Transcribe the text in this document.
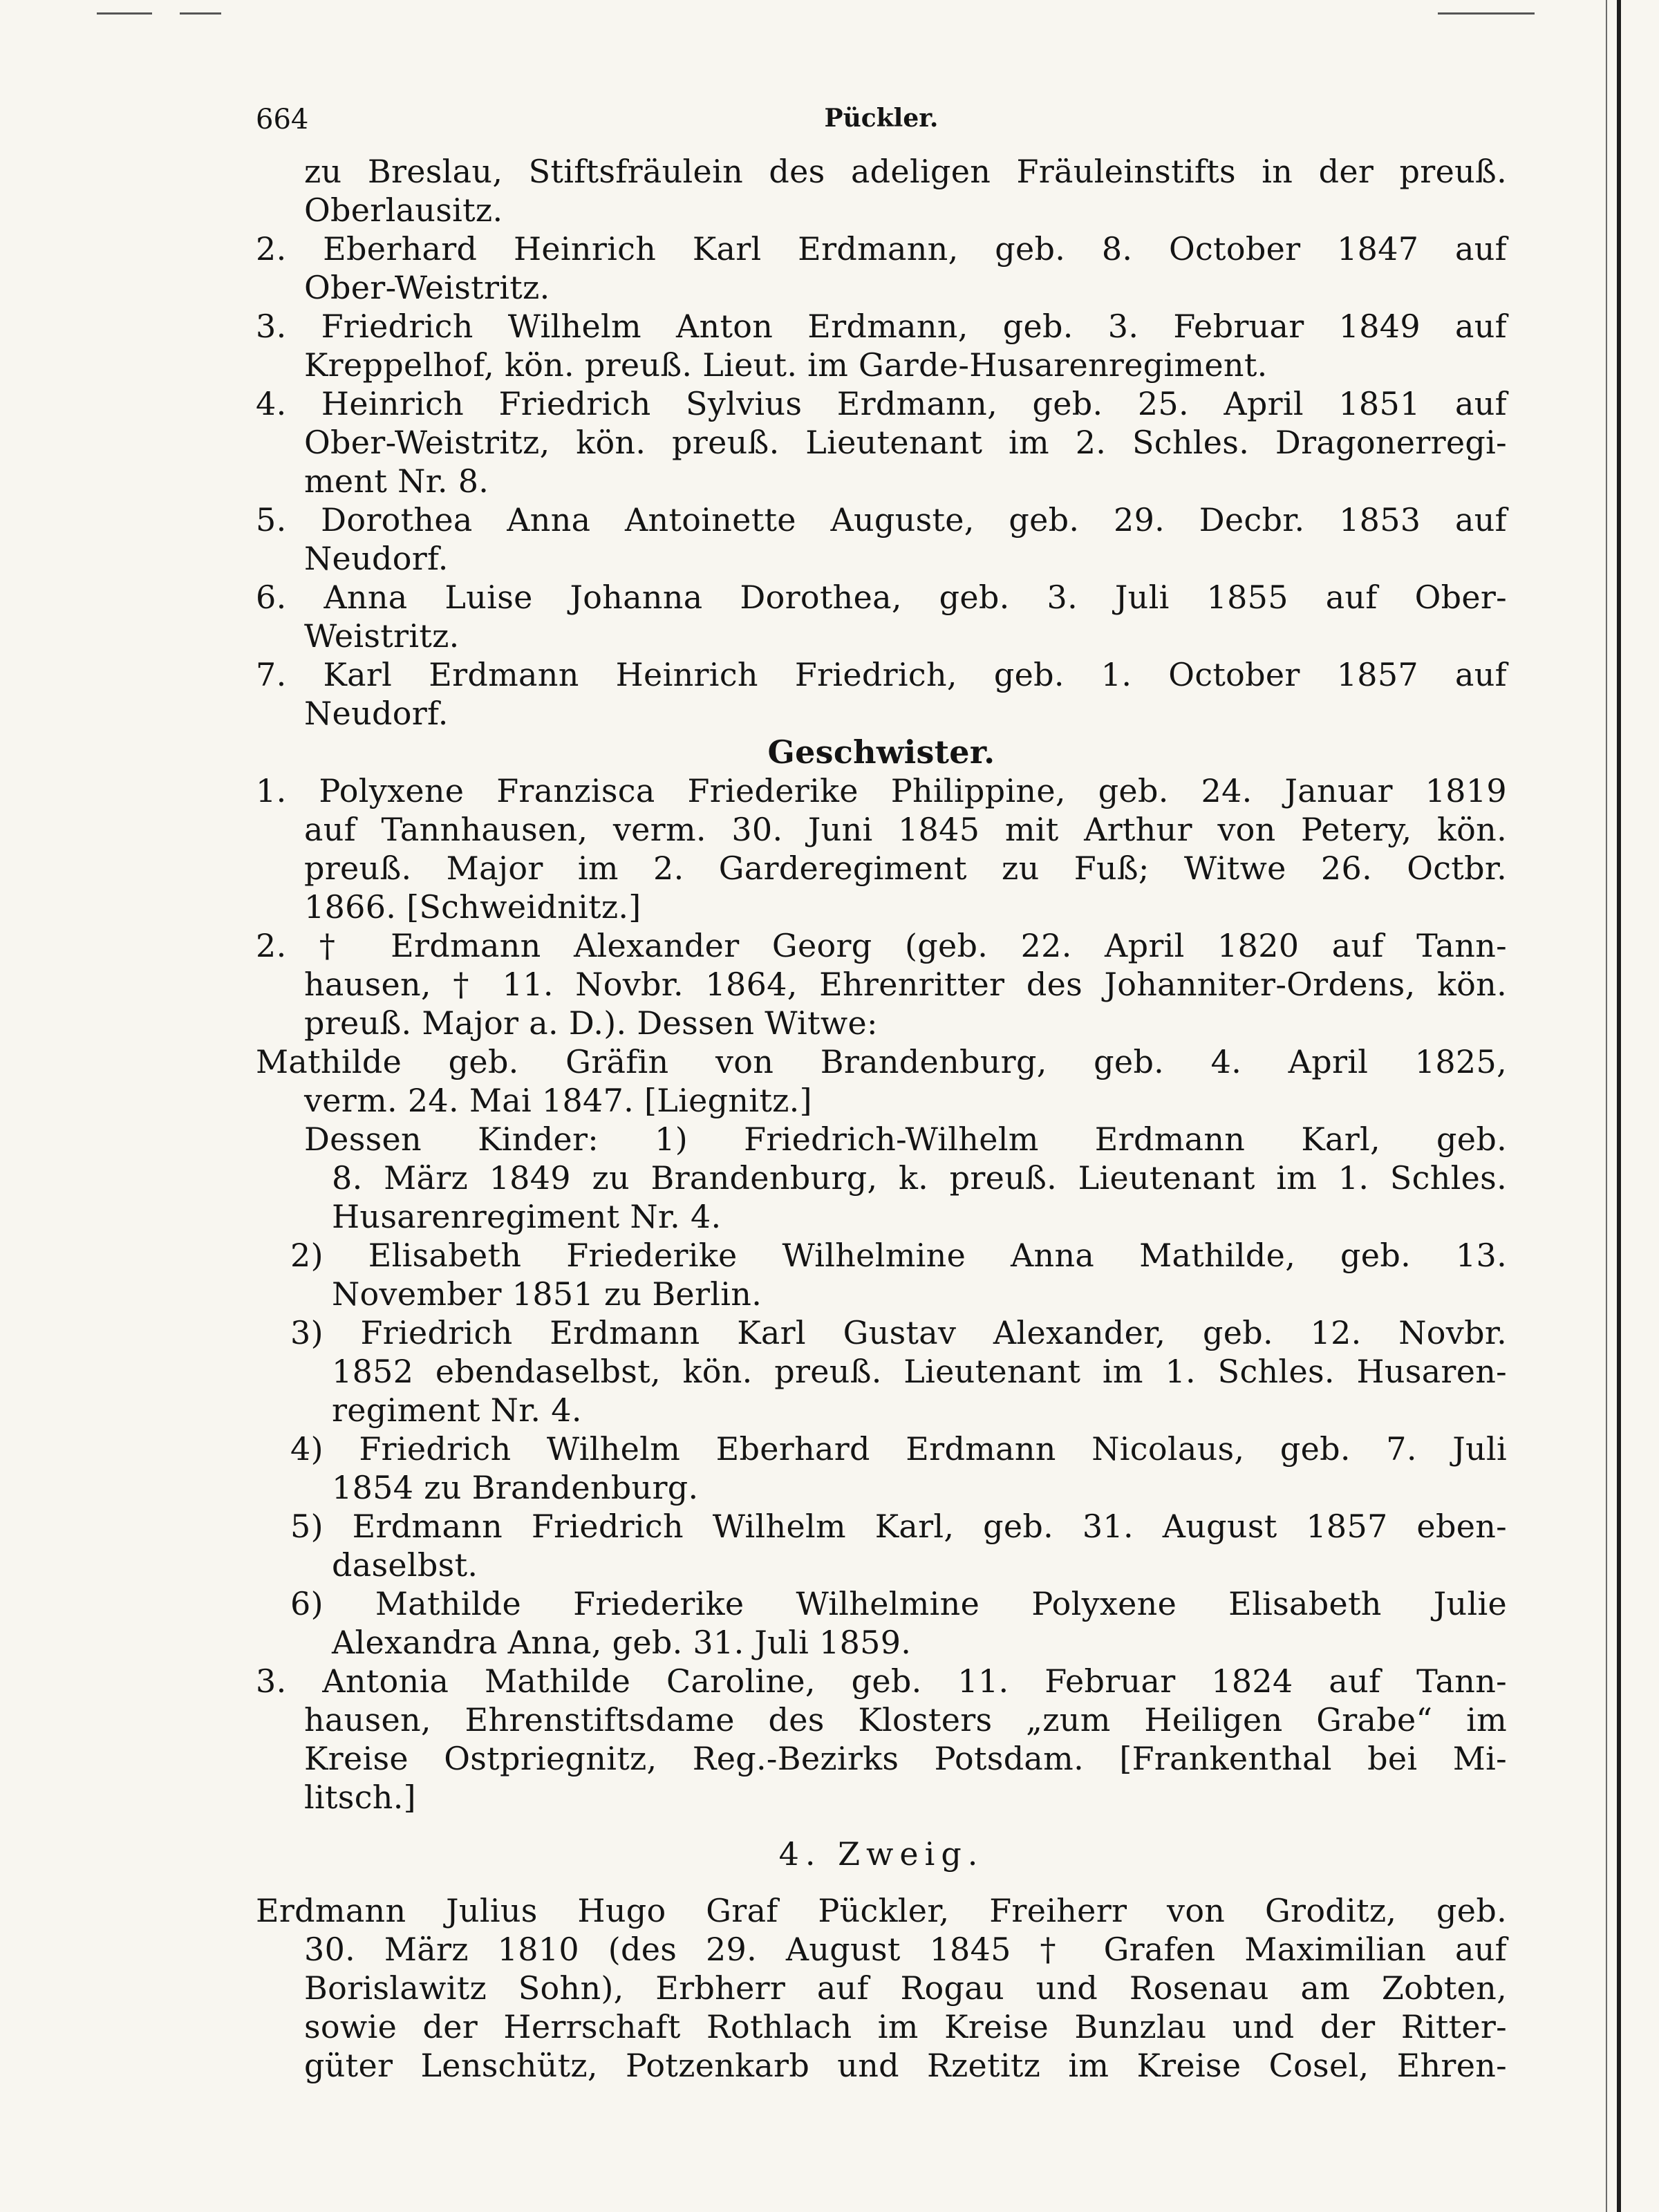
664	Pückler.
zu Breslau, Stiftsfräulein des adeligen Fräuleinstifts in der preuß.
Oberlausitz.
2. Eberhard Heinrich Karl Erdmann, geb. 8. October 1847 auf
Ober-Weistritz.
3. Friedrich Wilhelm Anton Erdmann, geb. 3. Februar 1849 auf
Kreppelhof, kön. preuß. Lieut. im Garde-Husarenregiment.
4. Heinrich Friedrich Sylvius Erdmann, geb. 25. April 1851 auf
Ober-Weistritz, kön. preuß. Lieutenant im 2. Schles. Dragonerregi-
ment Nr. 8.
5. Dorothea Anna Antoinette Auguste, geb. 29. Decbr. 1853 auf
Neudorf.
6. Anna Luise Johanna Dorothea, geb. 3. Juli 1855 auf Ober-
Weistritz.
7. Karl Erdmann Heinrich Friedrich, geb. 1. October 1857 auf
Neudorf.
Geschwister.
1. Polyxene Franzisca Friederike Philippine, geb. 24. Januar 1819
auf Tannhausen, verm. 30. Juni 1845 mit Arthur von Petery, kön.
preuß. Major im 2. Garderegiment zu Fuß; Witwe 26. Octbr.
1866. [Schweidnitz.]
2. † Erdmann Alexander Georg (geb. 22. April 1820 auf Tann-
hausen, † 11. Novbr. 1864, Ehrenritter des Johanniter-Ordens, kön.
preuß. Major a. D.). Dessen Witwe:
Mathilde geb. Gräfin von Brandenburg, geb. 4. April 1825,
verm. 24. Mai 1847. [Liegnitz.]
Dessen Kinder: 1) Friedrich-Wilhelm Erdmann Karl, geb.
8. März 1849 zu Brandenburg, k. preuß. Lieutenant im 1. Schles.
Husarenregiment Nr. 4.
2) Elisabeth Friederike Wilhelmine Anna Mathilde, geb. 13.
November 1851 zu Berlin.
3) Friedrich Erdmann Karl Gustav Alexander, geb. 12. Novbr.
1852 ebendaselbst, kön. preuß. Lieutenant im 1. Schles. Husaren-
regiment Nr. 4.
4) Friedrich Wilhelm Eberhard Erdmann Nicolaus, geb. 7. Juli
1854 zu Brandenburg.
5) Erdmann Friedrich Wilhelm Karl, geb. 31. August 1857 eben-
daselbst.
6) Mathilde Friederike Wilhelmine Polyxene Elisabeth Julie
Alexandra Anna, geb. 31. Juli 1859.
3. Antonia Mathilde Caroline, geb. 11. Februar 1824 auf Tann-
hausen, Ehrenstiftsdame des Klosters „zum Heiligen Grabe“ im
Kreise Ostpriegnitz, Reg.-Bezirks Potsdam. [Frankenthal bei Mi-
litsch.]
4. Zweig.
Erdmann Julius Hugo Graf Pückler, Freiherr von Groditz, geb.
30. März 1810 (des 29. August 1845 † Grafen Maximilian auf
Borislawitz Sohn), Erbherr auf Rogau und Rosenau am Zobten,
sowie der Herrschaft Rothlach im Kreise Bunzlau und der Ritter-
güter Lenschütz, Potzenkarb und Rzetitz im Kreise Cosel, Ehren-
